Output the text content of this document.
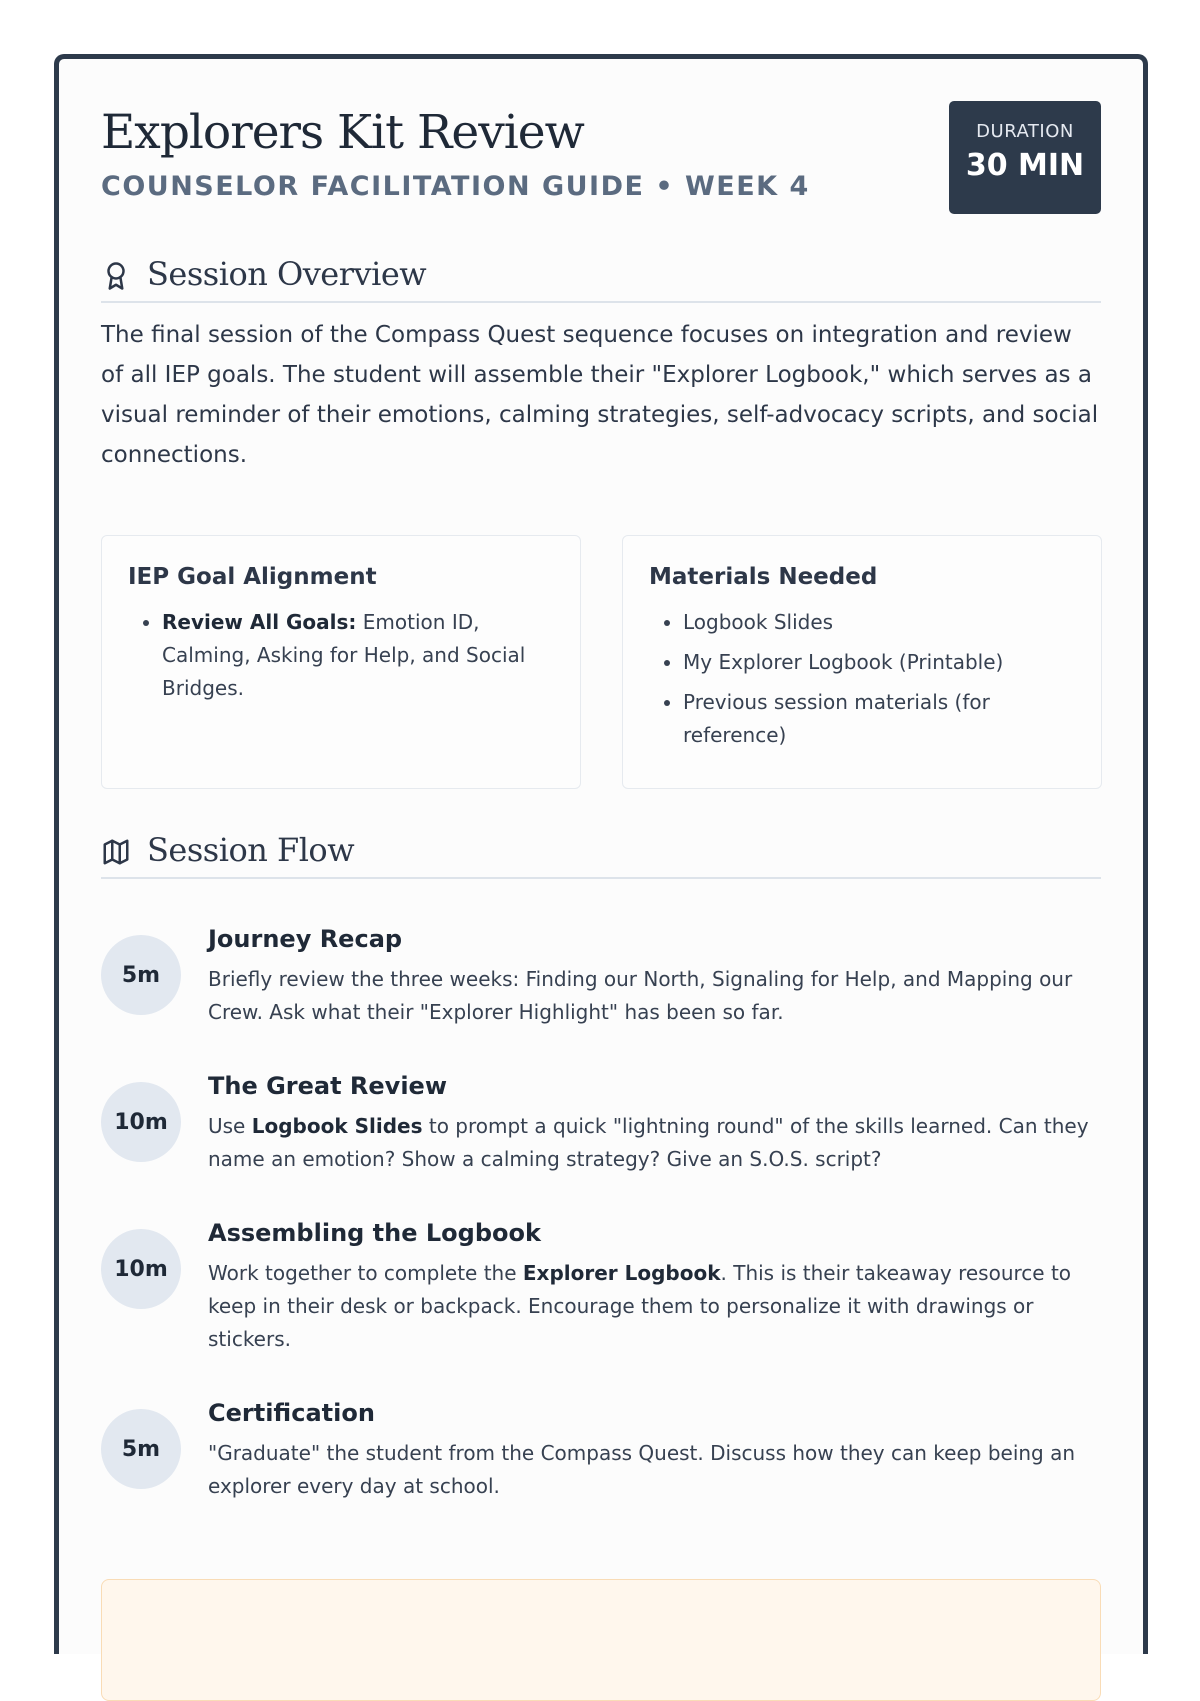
Explorers Kit Review
COUNSELOR FACILITATION GUIDE • WEEK 4
DURATION
30 MIN
Session Overview

The final session of the Compass Quest sequence focuses on integration and review of all IEP goals. The student will assemble their "Explorer Logbook," which serves as a visual reminder of their emotions, calming strategies, self-advocacy scripts, and social connections.

IEP Goal Alignment
• Review All Goals: Emotion ID, Calming, Asking for Help, and Social Bridges.
Materials Needed
• Logbook Slides
• My Explorer Logbook (Printable)
• Previous session materials (for reference)
Session Flow
5m
Journey Recap

Briefly review the three weeks: Finding our North, Signaling for Help, and Mapping our Crew. Ask what their "Explorer Highlight" has been so far.

10m
The Great Review

Use Logbook Slides to prompt a quick "lightning round" of the skills learned. Can they name an emotion? Show a calming strategy? Give an S.O.S. script?

10m
Assembling the Logbook

Work together to complete the Explorer Logbook. This is their takeaway resource to keep in their desk or backpack. Encourage them to personalize it with drawings or stickers.

5m
Certification

"Graduate" the student from the Compass Quest. Discuss how they can keep being an explorer every day at school.
